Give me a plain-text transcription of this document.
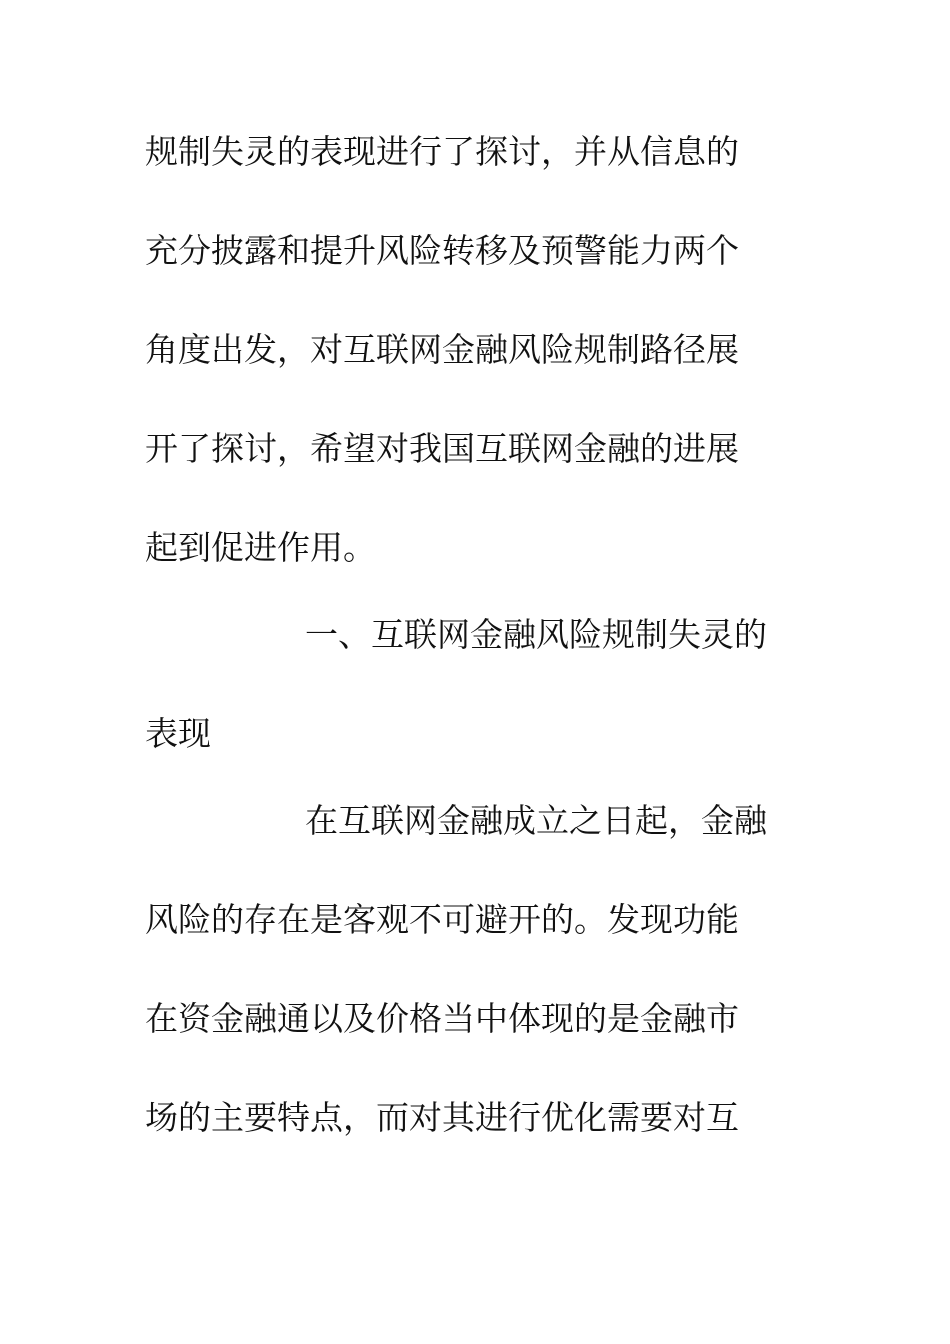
规制失灵的表现进行了探讨，并从信息的
充分披露和提升风险转移及预警能力两个
角度出发，对互联网金融风险规制路径展
开了探讨，希望对我国互联网金融的进展
起到促进作用。
一、互联网金融风险规制失灵的
表现
在互联网金融成立之日起，金融
风险的存在是客观不可避开的。发现功能
在资金融通以及价格当中体现的是金融市
场的主要特点，而对其进行优化需要对互
